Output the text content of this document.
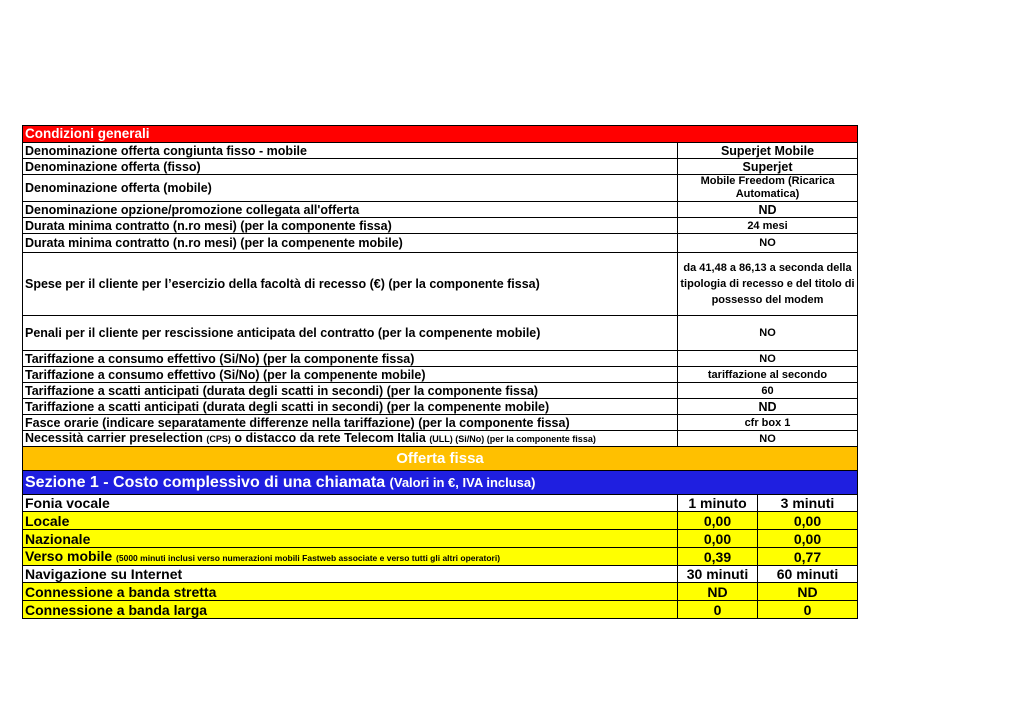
Condizioni generali		
Denominazione offerta congiunta fisso - mobile	Superjet Mobile	
Denominazione offerta (fisso)	Superjet	
Denominazione offerta (mobile)	Mobile Freedom (Ricarica Automatica)	
Denominazione opzione/promozione collegata all'offerta	ND	
Durata minima contratto (n.ro mesi) (per la componente fissa)	24 mesi	
Durata minima contratto (n.ro mesi) (per la compenente mobile)	NO	
Spese per il cliente per l’esercizio della facoltà di recesso (€) (per la componente fissa)	da 41,48 a 86,13 a seconda della tipologia di recesso e del titolo di possesso del modem	
Penali per il cliente per rescissione anticipata del contratto (per la compenente mobile)	NO	
Tariffazione a consumo effettivo (Si/No) (per la componente fissa)	NO	
Tariffazione a consumo effettivo (Si/No) (per la compenente mobile)	tariffazione al secondo	
Tariffazione a scatti anticipati (durata degli scatti in secondi) (per la componente fissa)	60	
Tariffazione a scatti anticipati (durata degli scatti in secondi) (per la compenente mobile)	ND	
Fasce orarie (indicare separatamente differenze nella tariffazione) (per la componente fissa)	cfr box 1	
Necessità carrier preselection (CPS) o distacco da rete Telecom Italia (ULL) (Si/No) (per la componente fissa)	NO	
Offerta fissa		
Sezione 1 - Costo complessivo di una chiamata (Valori in €, IVA inclusa)		
Fonia vocale	1 minuto	3 minuti
Locale	0,00	0,00
Nazionale	0,00	0,00
Verso mobile (5000 minuti inclusi verso numerazioni mobili Fastweb associate e verso tutti gli altri operatori)	0,39	0,77
Navigazione su Internet	30 minuti	60 minuti
Connessione a banda stretta	ND	ND
Connessione a banda larga	0	0
